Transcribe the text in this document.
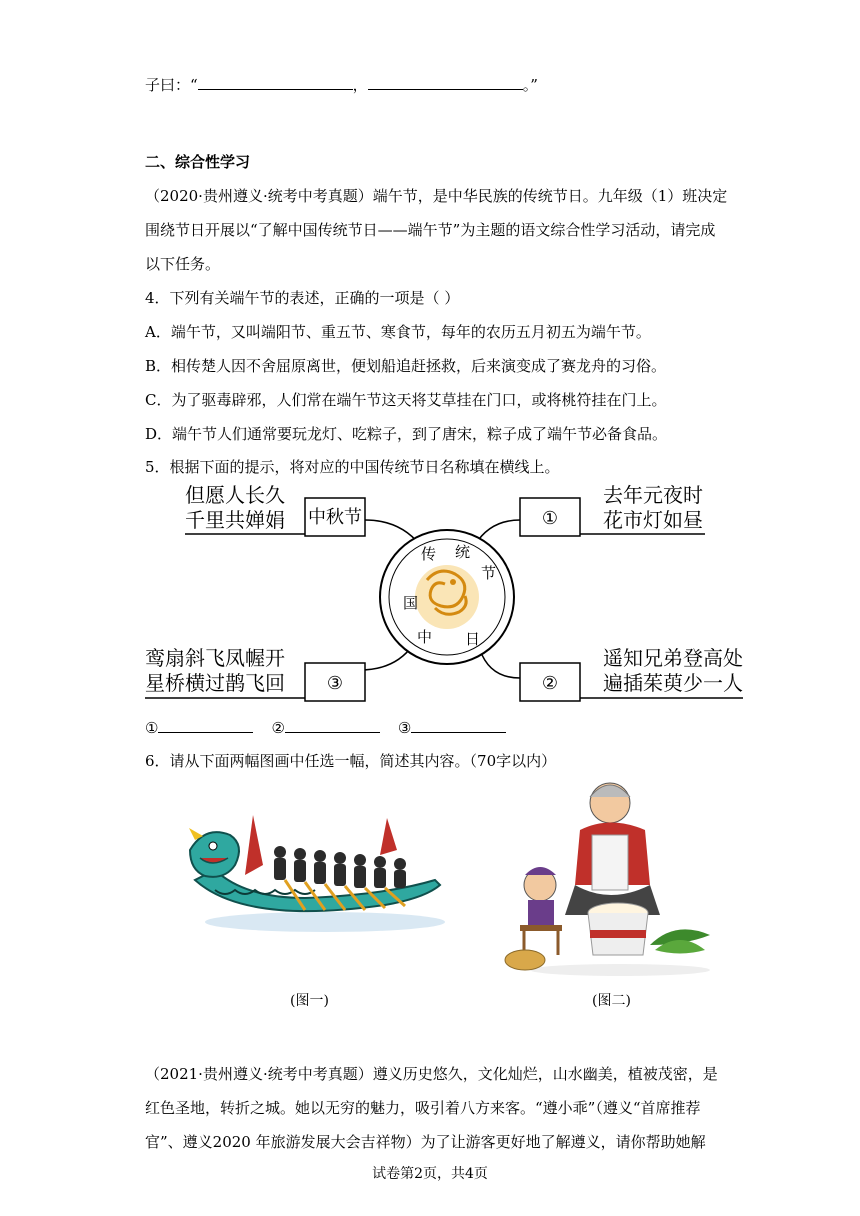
子曰：“	，	。”
二、综合性学习
（2020·贵州遵义·统考中考真题）端午节，是中华民族的传统节日。九年级（1）班决定
围绕节日开展以“了解中国传统节日——端午节”为主题的语文综合性学习活动，请完成
以下任务。
4．下列有关端午节的表述，正确的一项是（ ）
A．端午节，又叫端阳节、重五节、寒食节，每年的农历五月初五为端午节。
B．相传楚人因不舍屈原离世，便划船追赶拯救，后来演变成了赛龙舟的习俗。
C．为了驱毒辟邪，人们常在端午节这天将艾草挂在门口，或将桃符挂在门上。
D．端午节人们通常要玩龙灯、吃粽子，到了唐宋，粽子成了端午节必备食品。
5．根据下面的提示，将对应的中国传统节日名称填在横线上。
但愿人长久
千里共婵娟 中秋节	①
去年元夜时
花市灯如昼
鸾扇斜飞凤幄开
星桥横过鹊飞回 ③	②
遥知兄弟登高处
遍插茱萸少一人
传 统
节
日
中
国
①	②	③
6．请从下面两幅图画中任选一幅，简述其内容。（70字以内）
(图一)	(图二)
（2021·贵州遵义·统考中考真题）遵义历史悠久，文化灿烂，山水幽美，植被茂密，是
红色圣地，转折之城。她以无穷的魅力，吸引着八方来客。“遵小乖”（遵义“首席推荐
官”、遵义2020 年旅游发展大会吉祥物）为了让游客更好地了解遵义，请你帮助她解
试卷第2页，共4页
